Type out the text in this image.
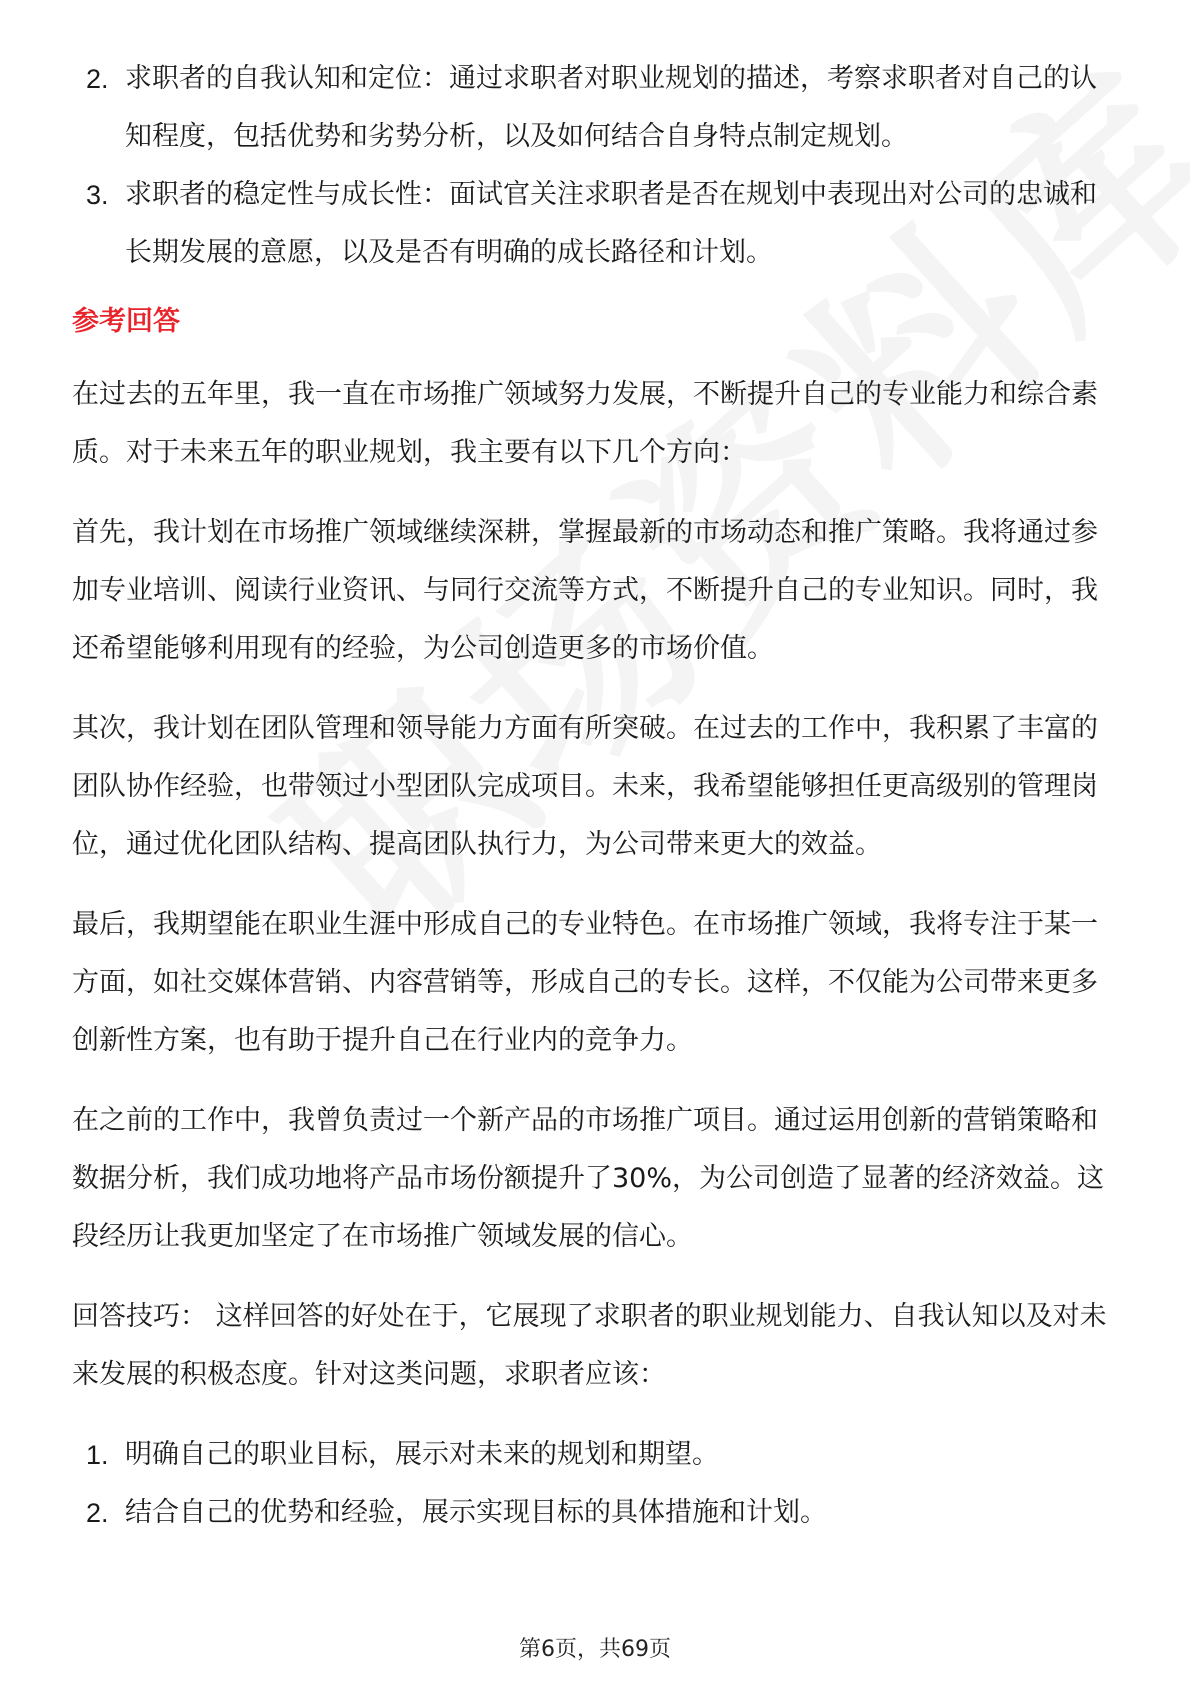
2. 求职者的自我认知和定位：通过求职者对职业规划的描述，考察求职者对自己的认知程度，包括优势和劣势分析，以及如何结合自身特点制定规划。
3. 求职者的稳定性与成长性：面试官关注求职者是否在规划中表现出对公司的忠诚和长期发展的意愿，以及是否有明确的成长路径和计划。
参考回答

在过去的五年里，我一直在市场推广领域努力发展，不断提升自己的专业能力和综合素质。对于未来五年的职业规划，我主要有以下几个方向：

首先，我计划在市场推广领域继续深耕，掌握最新的市场动态和推广策略。我将通过参加专业培训、阅读行业资讯、与同行交流等方式，不断提升自己的专业知识。同时，我还希望能够利用现有的经验，为公司创造更多的市场价值。

其次，我计划在团队管理和领导能力方面有所突破。在过去的工作中，我积累了丰富的团队协作经验，也带领过小型团队完成项目。未来，我希望能够担任更高级别的管理岗位，通过优化团队结构、提高团队执行力，为公司带来更大的效益。

最后，我期望能在职业生涯中形成自己的专业特色。在市场推广领域，我将专注于某一方面，如社交媒体营销、内容营销等，形成自己的专长。这样，不仅能为公司带来更多创新性方案，也有助于提升自己在行业内的竞争力。

在之前的工作中，我曾负责过一个新产品的市场推广项目。通过运用创新的营销策略和数据分析，我们成功地将产品市场份额提升了30%，为公司创造了显著的经济效益。这段经历让我更加坚定了在市场推广领域发展的信心。

回答技巧： 这样回答的好处在于，它展现了求职者的职业规划能力、自我认知以及对未来发展的积极态度。针对这类问题，求职者应该：

1. 明确自己的职业目标，展示对未来的规划和期望。
2. 结合自己的优势和经验，展示实现目标的具体措施和计划。
第6页，共69页
